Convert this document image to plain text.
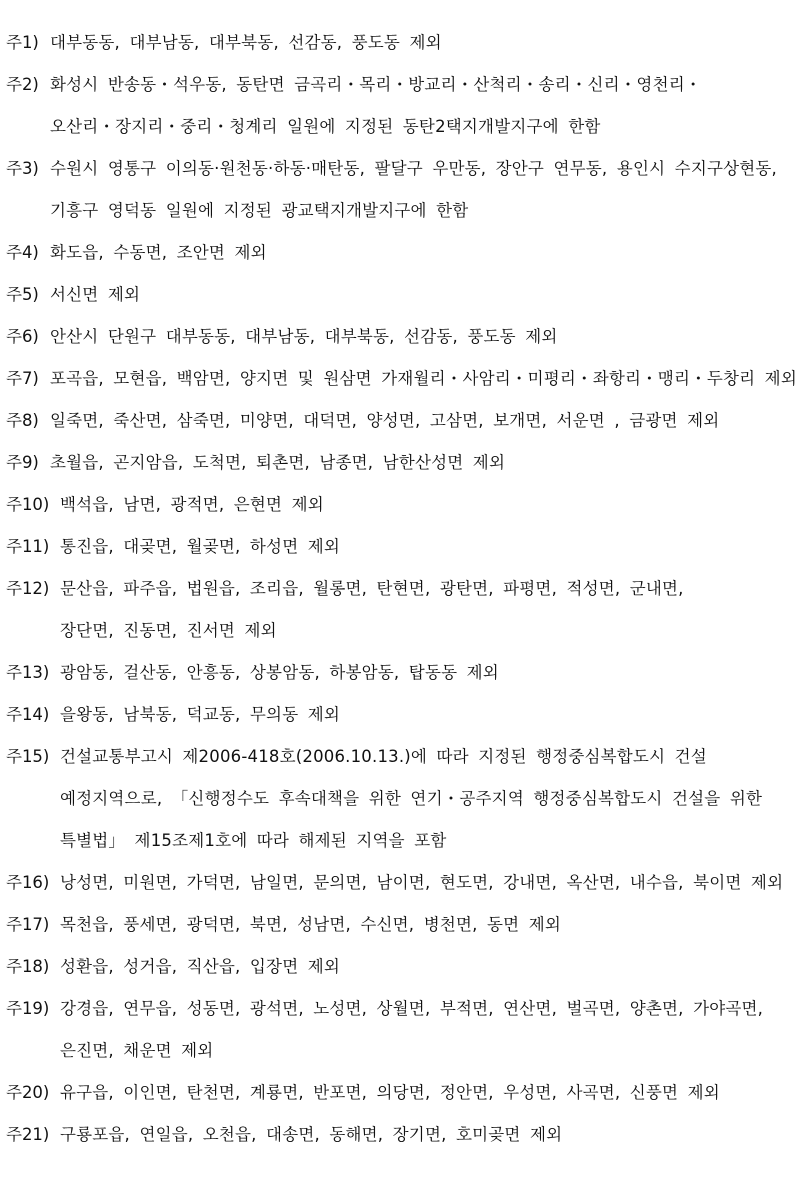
주1) 대부동동, 대부남동, 대부북동, 선감동, 풍도동 제외
주2) 화성시 반송동・석우동, 동탄면 금곡리・목리・방교리・산척리・송리・신리・영천리・
오산리・장지리・중리・청계리 일원에 지정된 동탄2택지개발지구에 한함
주3) 수원시 영통구 이의동·원천동·하동·매탄동, 팔달구 우만동, 장안구 연무동, 용인시 수지구상현동,
기흥구 영덕동 일원에 지정된 광교택지개발지구에 한함
주4) 화도읍, 수동면, 조안면 제외
주5) 서신면 제외
주6) 안산시 단원구 대부동동, 대부남동, 대부북동, 선감동, 풍도동 제외
주7) 포곡읍, 모현읍, 백암면, 양지면 및 원삼면 가재월리・사암리・미평리・좌항리・맹리・두창리 제외
주8) 일죽면, 죽산면, 삼죽면, 미양면, 대덕면, 양성면, 고삼면, 보개면, 서운면 , 금광면 제외
주9) 초월읍, 곤지암읍, 도척면, 퇴촌면, 남종면, 남한산성면 제외
주10) 백석읍, 남면, 광적면, 은현면 제외
주11) 통진읍, 대곶면, 월곶면, 하성면 제외
주12) 문산읍, 파주읍, 법원읍, 조리읍, 월롱면, 탄현면, 광탄면, 파평면, 적성면, 군내면,
장단면, 진동면, 진서면 제외
주13) 광암동, 걸산동, 안흥동, 상봉암동, 하봉암동, 탑동동 제외
주14) 을왕동, 남북동, 덕교동, 무의동 제외
주15) 건설교통부고시 제2006-418호(2006.10.13.)에 따라 지정된 행정중심복합도시 건설
예정지역으로, 「신행정수도 후속대책을 위한 연기・공주지역 행정중심복합도시 건설을 위한
특별법」 제15조제1호에 따라 해제된 지역을 포함
주16) 낭성면, 미원면, 가덕면, 남일면, 문의면, 남이면, 현도면, 강내면, 옥산면, 내수읍, 북이면 제외
주17) 목천읍, 풍세면, 광덕면, 북면, 성남면, 수신면, 병천면, 동면 제외
주18) 성환읍, 성거읍, 직산읍, 입장면 제외
주19) 강경읍, 연무읍, 성동면, 광석면, 노성면, 상월면, 부적면, 연산면, 벌곡면, 양촌면, 가야곡면,
은진면, 채운면 제외
주20) 유구읍, 이인면, 탄천면, 계룡면, 반포면, 의당면, 정안면, 우성면, 사곡면, 신풍면 제외
주21) 구룡포읍, 연일읍, 오천읍, 대송면, 동해면, 장기면, 호미곶면 제외
